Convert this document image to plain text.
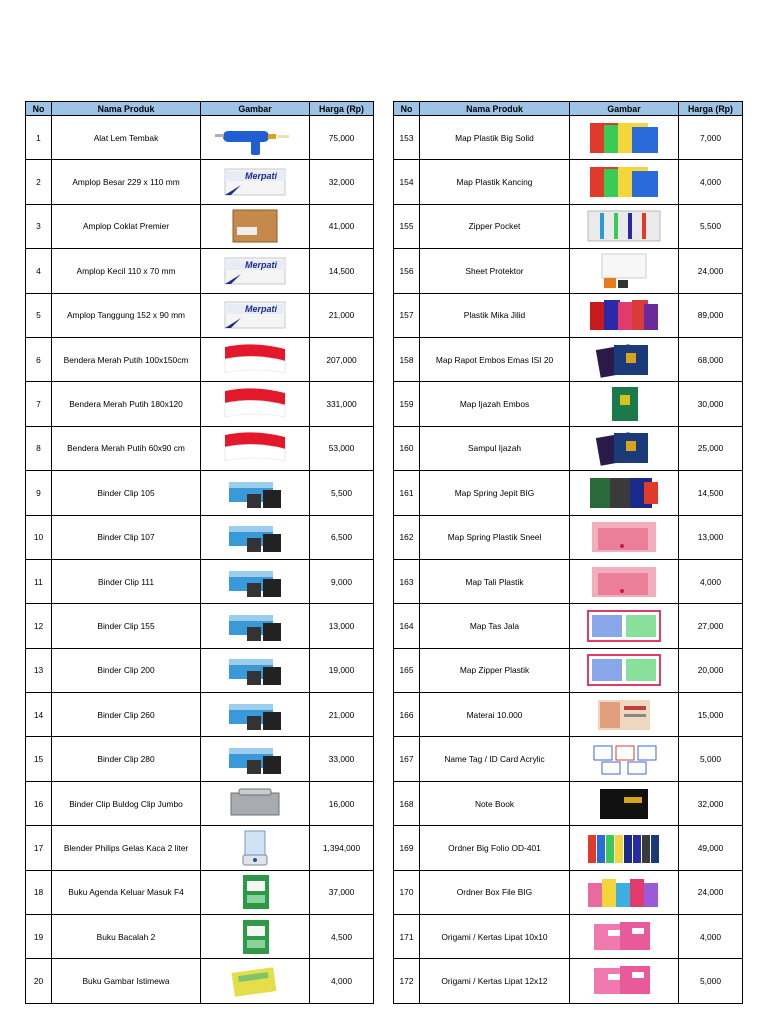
No	Nama Produk	Gambar	Harga (Rp)
1	Alat Lem Tembak		75,000
2	Amplop Besar 229 x 110 mm	Merpati	32,000
3	Amplop Coklat Premier		41,000
4	Amplop Kecil 110 x 70 mm	Merpati	14,500
5	Amplop Tanggung 152 x 90 mm	Merpati	21,000
6	Bendera Merah Putih 100x150cm		207,000
7	Bendera Merah Putih 180x120		331,000
8	Bendera Merah Putih 60x90 cm		53,000
9	Binder Clip 105		5,500
10	Binder Clip 107		6,500
11	Binder Clip 111		9,000
12	Binder Clip 155		13,000
13	Binder Clip 200		19,000
14	Binder Clip 260		21,000
15	Binder Clip 280		33,000
16	Binder Clip Buldog Clip Jumbo		16,000
17	Blender Philips Gelas Kaca 2 liter		1,394,000
18	Buku Agenda Keluar Masuk F4		37,000
19	Buku Bacalah 2		4,500
20	Buku Gambar Istimewa		4,000
No	Nama Produk	Gambar	Harga (Rp)
153	Map Plastik Big Solid		7,000
154	Map Plastik Kancing		4,000
155	Zipper Pocket		5,500
156	Sheet Protektor		24,000
157	Plastik Mika Jilid		89,000
158	Map Rapot Embos Emas ISI 20		68,000
159	Map Ijazah Embos		30,000
160	Sampul Ijazah		25,000
161	Map Spring Jepit BIG		14,500
162	Map Spring Plastik Sneel		13,000
163	Map Tali Plastik		4,000
164	Map Tas Jala		27,000
165	Map Zipper Plastik		20,000
166	Materai 10.000		15,000
167	Name Tag / ID Card Acrylic		5,000
168	Note Book		32,000
169	Ordner Big Folio OD-401		49,000
170	Ordner Box File BIG		24,000
171	Origami / Kertas Lipat 10x10		4,000
172	Origami / Kertas Lipat 12x12		5,000
